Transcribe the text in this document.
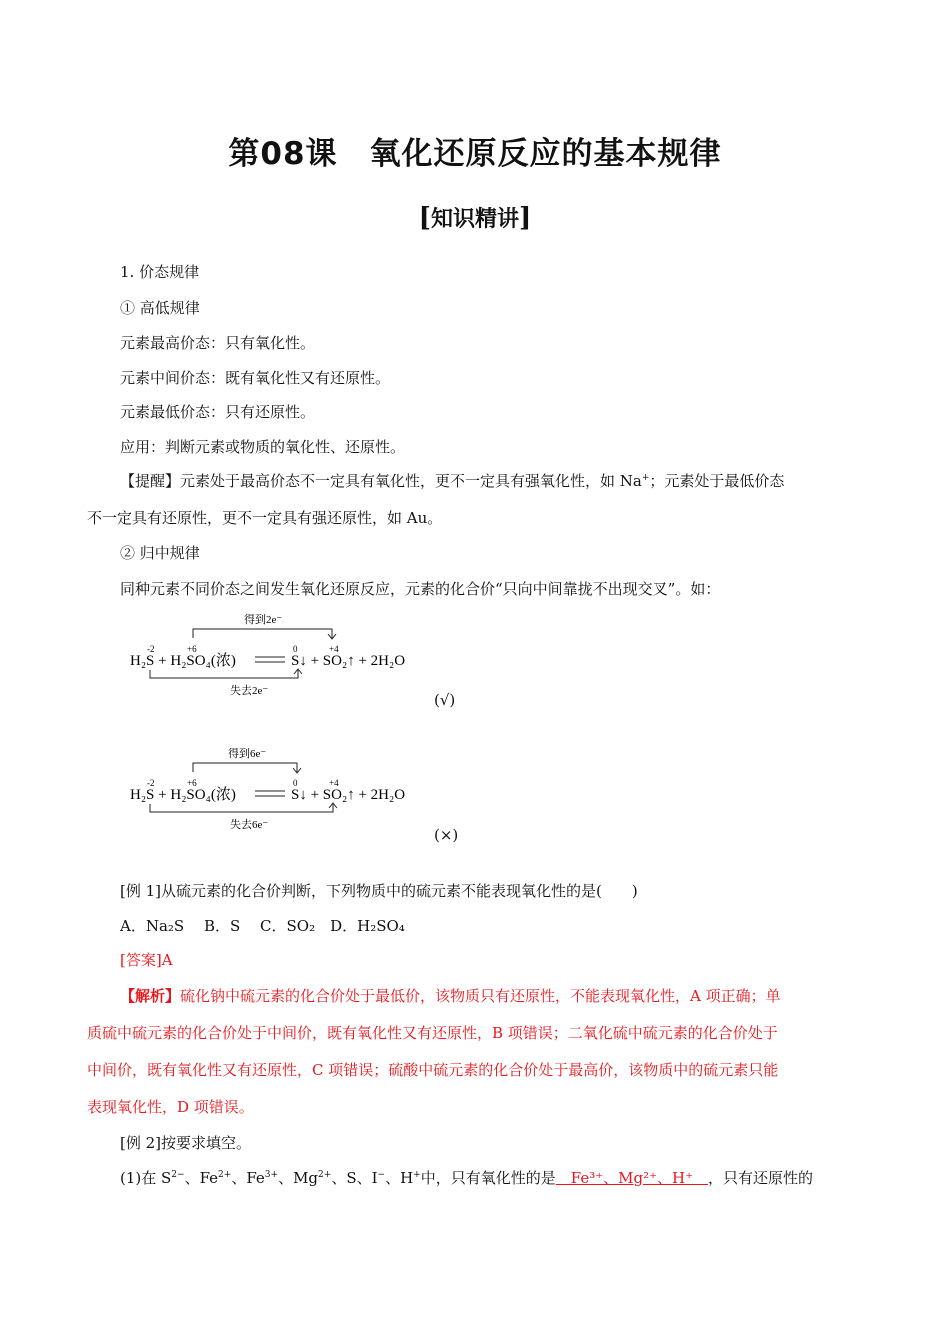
第08课　氧化还原反应的基本规律
[知识精讲]
1. 价态规律
① 高低规律
元素最高价态：只有氧化性。
元素中间价态：既有氧化性又有还原性。
元素最低价态：只有还原性。
应用：判断元素或物质的氧化性、还原性。
【提醒】元素处于最高价态不一定具有氧化性，更不一定具有强氧化性，如 Na+；元素处于最低价态
不一定具有还原性，更不一定具有强还原性，如 Au。
② 归中规律
同种元素不同价态之间发生氧化还原反应，元素的化合价“只向中间靠拢不出现交叉”。如：
得到2e⁻
-2	+6	0	+4
H₂S + H₂SO₄(浓)	S↓ + SO₂↑ + 2H₂O
失去2e⁻	(√)
得到6e⁻
-2	+6	0	+4
H₂S + H₂SO₄(浓)	S↓ + SO₂↑ + 2H₂O
失去6e⁻
(×)
[例 1]从硫元素的化合价判断，下列物质中的硫元素不能表现氧化性的是(　　)
A．Na₂S　 B．S　 C．SO₂　D．H₂SO₄
[答案]A
【解析】硫化钠中硫元素的化合价处于最低价，该物质只有还原性，不能表现氧化性，A 项正确；单
质硫中硫元素的化合价处于中间价，既有氧化性又有还原性，B 项错误；二氧化硫中硫元素的化合价处于
中间价，既有氧化性又有还原性，C 项错误；硫酸中硫元素的化合价处于最高价，该物质中的硫元素只能
表现氧化性，D 项错误。
[例 2]按要求填空。
(1)在 $S^{2-}$、$Fe^{2+}$、$Fe^{3+}$、$Mg^{2+}$、S、I−、H+中，只有氧化性的是　Fe³⁺、Mg²⁺、H⁺　，只有还原性的
